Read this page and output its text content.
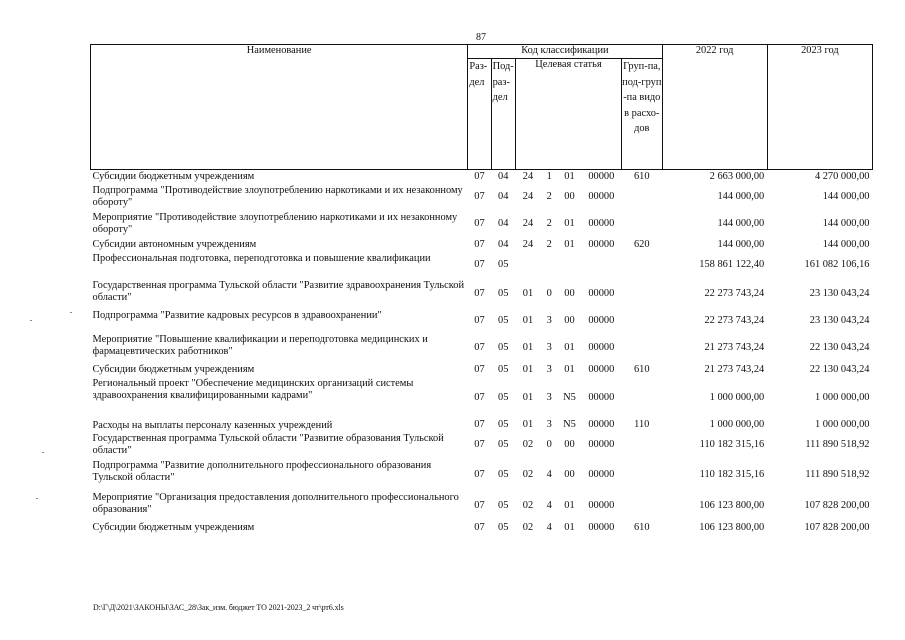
87
Наименование	Код классификации							2022 год	2023 год
	Раз-дел	Под-раз-дел	Целевая статья				Груп-па, под-груп-па видов расхо-дов		
Субсидии бюджетным учреждениям	07	04	24	1	01	00000	610	2 663 000,00	4 270 000,00
Подпрограмма "Противодействие злоупотреблению наркотиками и их незаконному обороту"	07	04	24	2	00	00000		144 000,00	144 000,00
Мероприятие "Противодействие злоупотреблению наркотиками и их незаконному обороту"	07	04	24	2	01	00000		144 000,00	144 000,00
Субсидии автономным учреждениям	07	04	24	2	01	00000	620	144 000,00	144 000,00
Профессиональная подготовка, переподготовка и повышение квалификации	07	05						158 861 122,40	161 082 106,16
Государственная программа Тульской области "Развитие здравоохранения Тульской области"	07	05	01	0	00	00000		22 273 743,24	23 130 043,24
Подпрограмма "Развитие кадровых ресурсов в здравоохранении"	07	05	01	3	00	00000		22 273 743,24	23 130 043,24
Мероприятие "Повышение квалификации и переподготовка медицинских и фармацевтических работников"	07	05	01	3	01	00000		21 273 743,24	22 130 043,24
Субсидии бюджетным учреждениям	07	05	01	3	01	00000	610	21 273 743,24	22 130 043,24
Региональный проект "Обеспечение медицинских организаций системы здравоохранения квалифицированными кадрами"	07	05	01	3	N5	00000		1 000 000,00	1 000 000,00
Расходы на выплаты персоналу казенных учреждений	07	05	01	3	N5	00000	110	1 000 000,00	1 000 000,00
Государственная программа Тульской области "Развитие образования Тульской области"	07	05	02	0	00	00000		110 182 315,16	111 890 518,92
Подпрограмма "Развитие дополнительного профессионального образования Тульской области"	07	05	02	4	00	00000		110 182 315,16	111 890 518,92
Мероприятие "Организация предоставления дополнительного профессионального образования"	07	05	02	4	01	00000		106 123 800,00	107 828 200,00
Субсидии бюджетным учреждениям	07	05	02	4	01	00000	610	106 123 800,00	107 828 200,00
D:\Г\Д\2021\ЗАКОНЫ\ЗАС_28\Зак_изм. бюджет ТО 2021-2023_2 чт\рт6.xls
